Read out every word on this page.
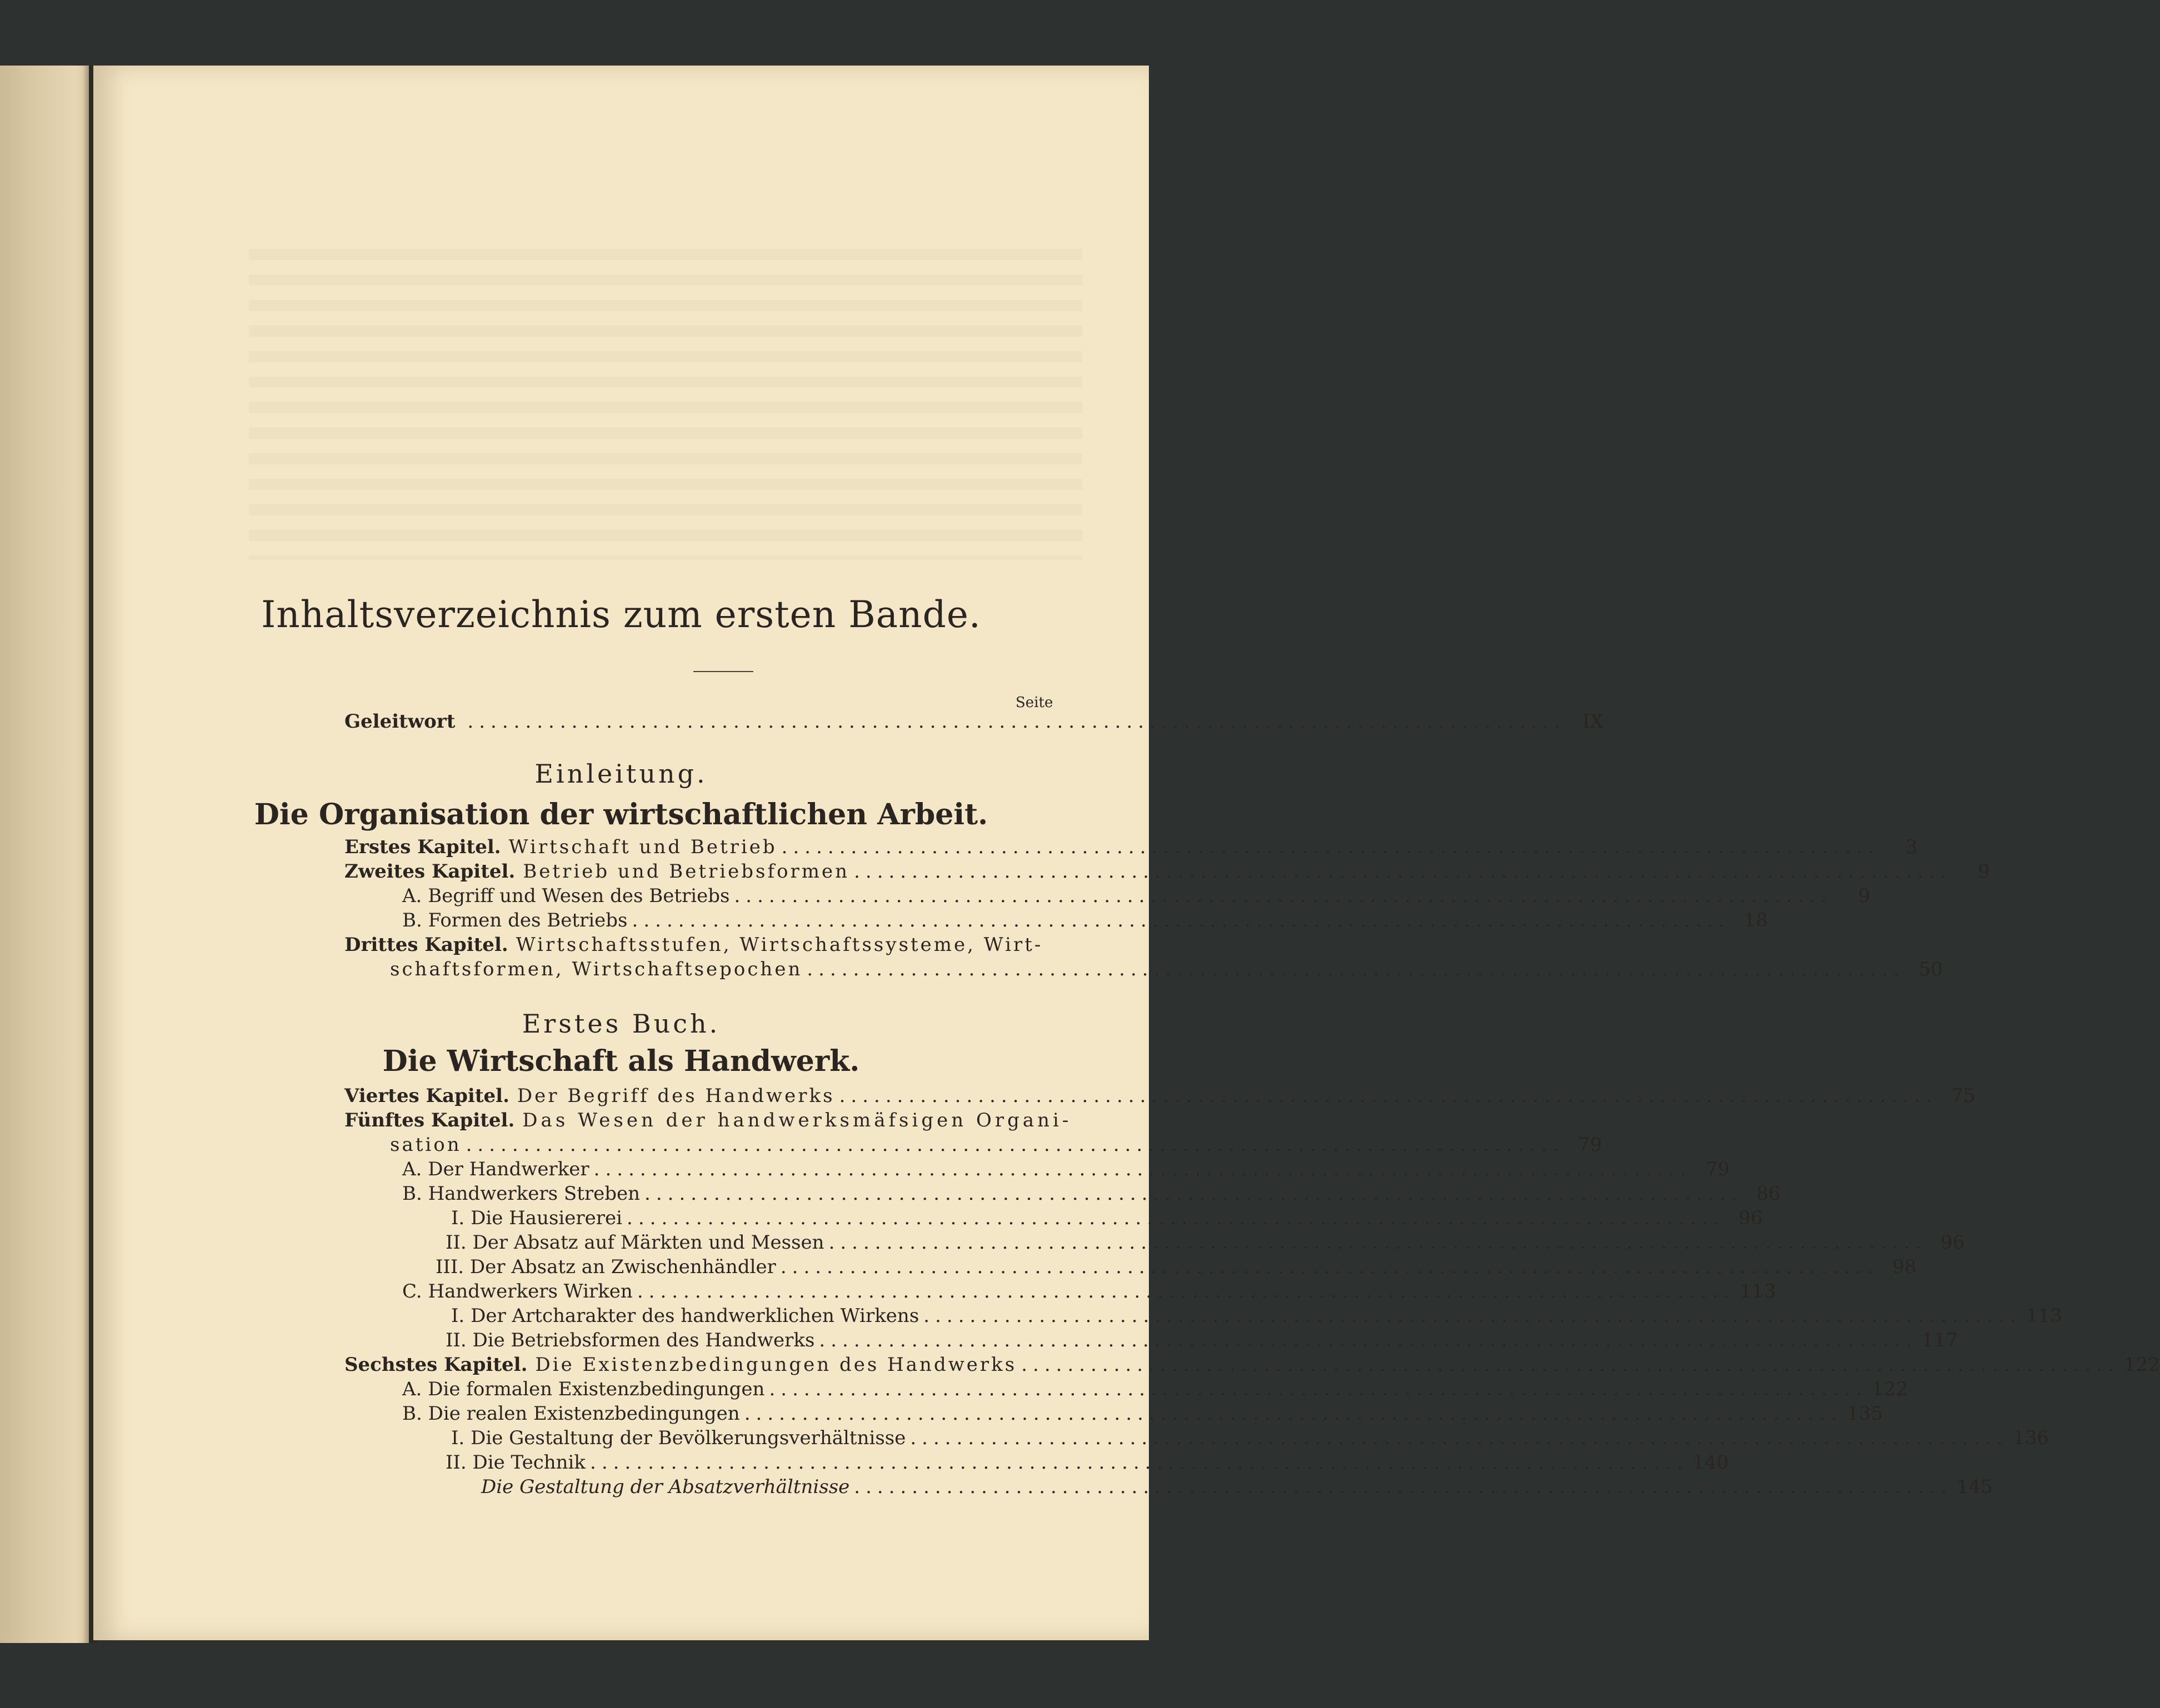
Inhaltsverzeichnis zum ersten Bande.
Seite
Geleitwort ............................................................................................... IX
Einleitung.
Die Organisation der wirtschaftlichen Arbeit.
Erstes Kapitel. Wirtschaft und Betrieb ...............................................................................................	3
Zweites Kapitel. Betrieb und Betriebsformen ...............................................................................................	9
A. Begriff und Wesen des Betriebs ...............................................................................................	9
B. Formen des Betriebs ............................................................................................... 18
Drittes Kapitel. Wirtschaftsstufen, Wirtschaftssysteme, Wirt-
schaftsformen, Wirtschaftsepochen ............................................................................................... 50
Erstes Buch.
Die Wirtschaft als Handwerk.
Viertes Kapitel. Der Begriff des Handwerks ............................................................................................... 75
Fünftes Kapitel. Das Wesen der handwerksmäfsigen Organi-
sation ............................................................................................... 79
A. Der Handwerker ............................................................................................... 79
B. Handwerkers Streben ............................................................................................... 86
I. Die Hausiererei ............................................................................................... 96
II. Der Absatz auf Märkten und Messen ............................................................................................... 96
III. Der Absatz an Zwischenhändler ............................................................................................... 98
C. Handwerkers Wirken ............................................................................................... 113
I. Der Artcharakter des handwerklichen Wirkens ............................................................................................... 113
II. Die Betriebsformen des Handwerks ............................................................................................... 117
Sechstes Kapitel. Die Existenzbedingungen des Handwerks ............................................................................................... 122
A. Die formalen Existenzbedingungen ............................................................................................... 122
B. Die realen Existenzbedingungen ............................................................................................... 135
I. Die Gestaltung der Bevölkerungsverhältnisse ............................................................................................... 136
II. Die Technik ............................................................................................... 140
Die Gestaltung der Absatzverhältnisse ............................................................................................... 145
